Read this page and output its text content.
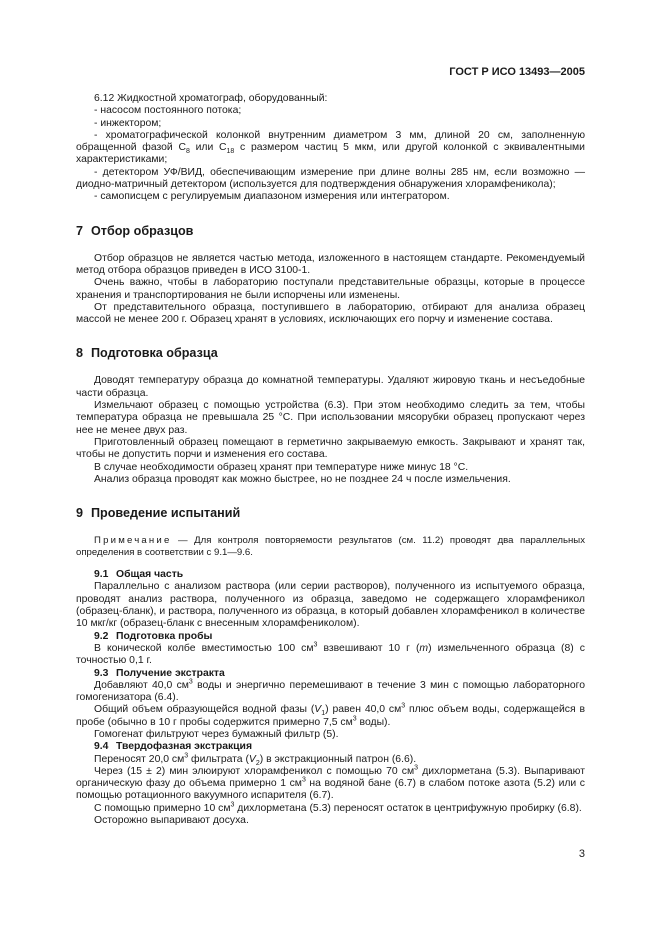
ГОСТ Р ИСО 13493—2005

6.12 Жидкостной хроматограф, оборудованный:

- насосом постоянного потока;

- инжектором;

- хроматографической колонкой внутренним диаметром 3 мм, длиной 20 см, заполненную обращенной фазой $С_8$ или $С_{18}$ с размером частиц 5 мкм, или другой колонкой с эквивалентными характеристиками;

- детектором УФ/ВИД, обеспечивающим измерение при длине волны 285 нм, если возможно — диодно-матричный детектором (используется для подтверждения обнаружения хлорамфеникола);

- самописцем с регулируемым диапазоном измерения или интегратором.

7 Отбор образцов

Отбор образцов не является частью метода, изложенного в настоящем стандарте. Рекомендуемый метод отбора образцов приведен в ИСО 3100-1.

Очень важно, чтобы в лабораторию поступали представительные образцы, которые в процессе хранения и транспортирования не были испорчены или изменены.

От представительного образца, поступившего в лабораторию, отбирают для анализа образец массой не менее 200 г. Образец хранят в условиях, исключающих его порчу и изменение состава.

8 Подготовка образца

Доводят температуру образца до комнатной температуры. Удаляют жировую ткань и несъедобные части образца.

Измельчают образец с помощью устройства (6.3). При этом необходимо следить за тем, чтобы температура образца не превышала 25 °С. При использовании мясорубки образец пропускают через нее не менее двух раз.

Приготовленный образец помещают в герметично закрываемую емкость. Закрывают и хранят так, чтобы не допустить порчи и изменения его состава.

В случае необходимости образец хранят при температуре ниже минус 18 °С.

Анализ образца проводят как можно быстрее, но не позднее 24 ч после измельчения.

9 Проведение испытаний

Примечание — Для контроля повторяемости результатов (см. 11.2) проводят два параллельных определения в соответствии с 9.1—9.6.

9.1 Общая часть

Параллельно с анализом раствора (или серии растворов), полученного из испытуемого образца, проводят анализ раствора, полученного из образца, заведомо не содержащего хлорамфеникол (образец-бланк), и раствора, полученного из образца, в который добавлен хлорамфеникол в количестве 10 мкг/кг (образец-бланк с внесенным хлорамфениколом).

9.2 Подготовка пробы

В конической колбе вместимостью 100 $см^3$ взвешивают 10 г (m) измельченного образца (8) с точностью 0,1 г.

9.3 Получение экстракта

Добавляют 40,0 $см^3$ воды и энергично перемешивают в течение 3 мин с помощью лабораторного гомогенизатора (6.4).

Общий объем образующейся водной фазы $(V_1)$ равен 40,0 $см^3$ плюс объем воды, содержащейся в пробе (обычно в 10 г пробы содержится примерно 7,5 $см^3$ воды).

Гомогенат фильтруют через бумажный фильтр (5).

9.4 Твердофазная экстракция

Переносят 20,0 $см^3$ фильтрата $(V_2)$ в экстракционный патрон (6.6).

Через (15 ± 2) мин элюируют хлорамфеникол с помощью 70 $см^3$ дихлорметана (5.3). Выпаривают органическую фазу до объема примерно 1 $см^3$ на водяной бане (6.7) в слабом потоке азота (5.2) или с помощью ротационного вакуумного испарителя (6.7).

С помощью примерно 10 $см^3$ дихлорметана (5.3) переносят остаток в центрифужную пробирку (6.8).

Осторожно выпаривают досуха.

3
